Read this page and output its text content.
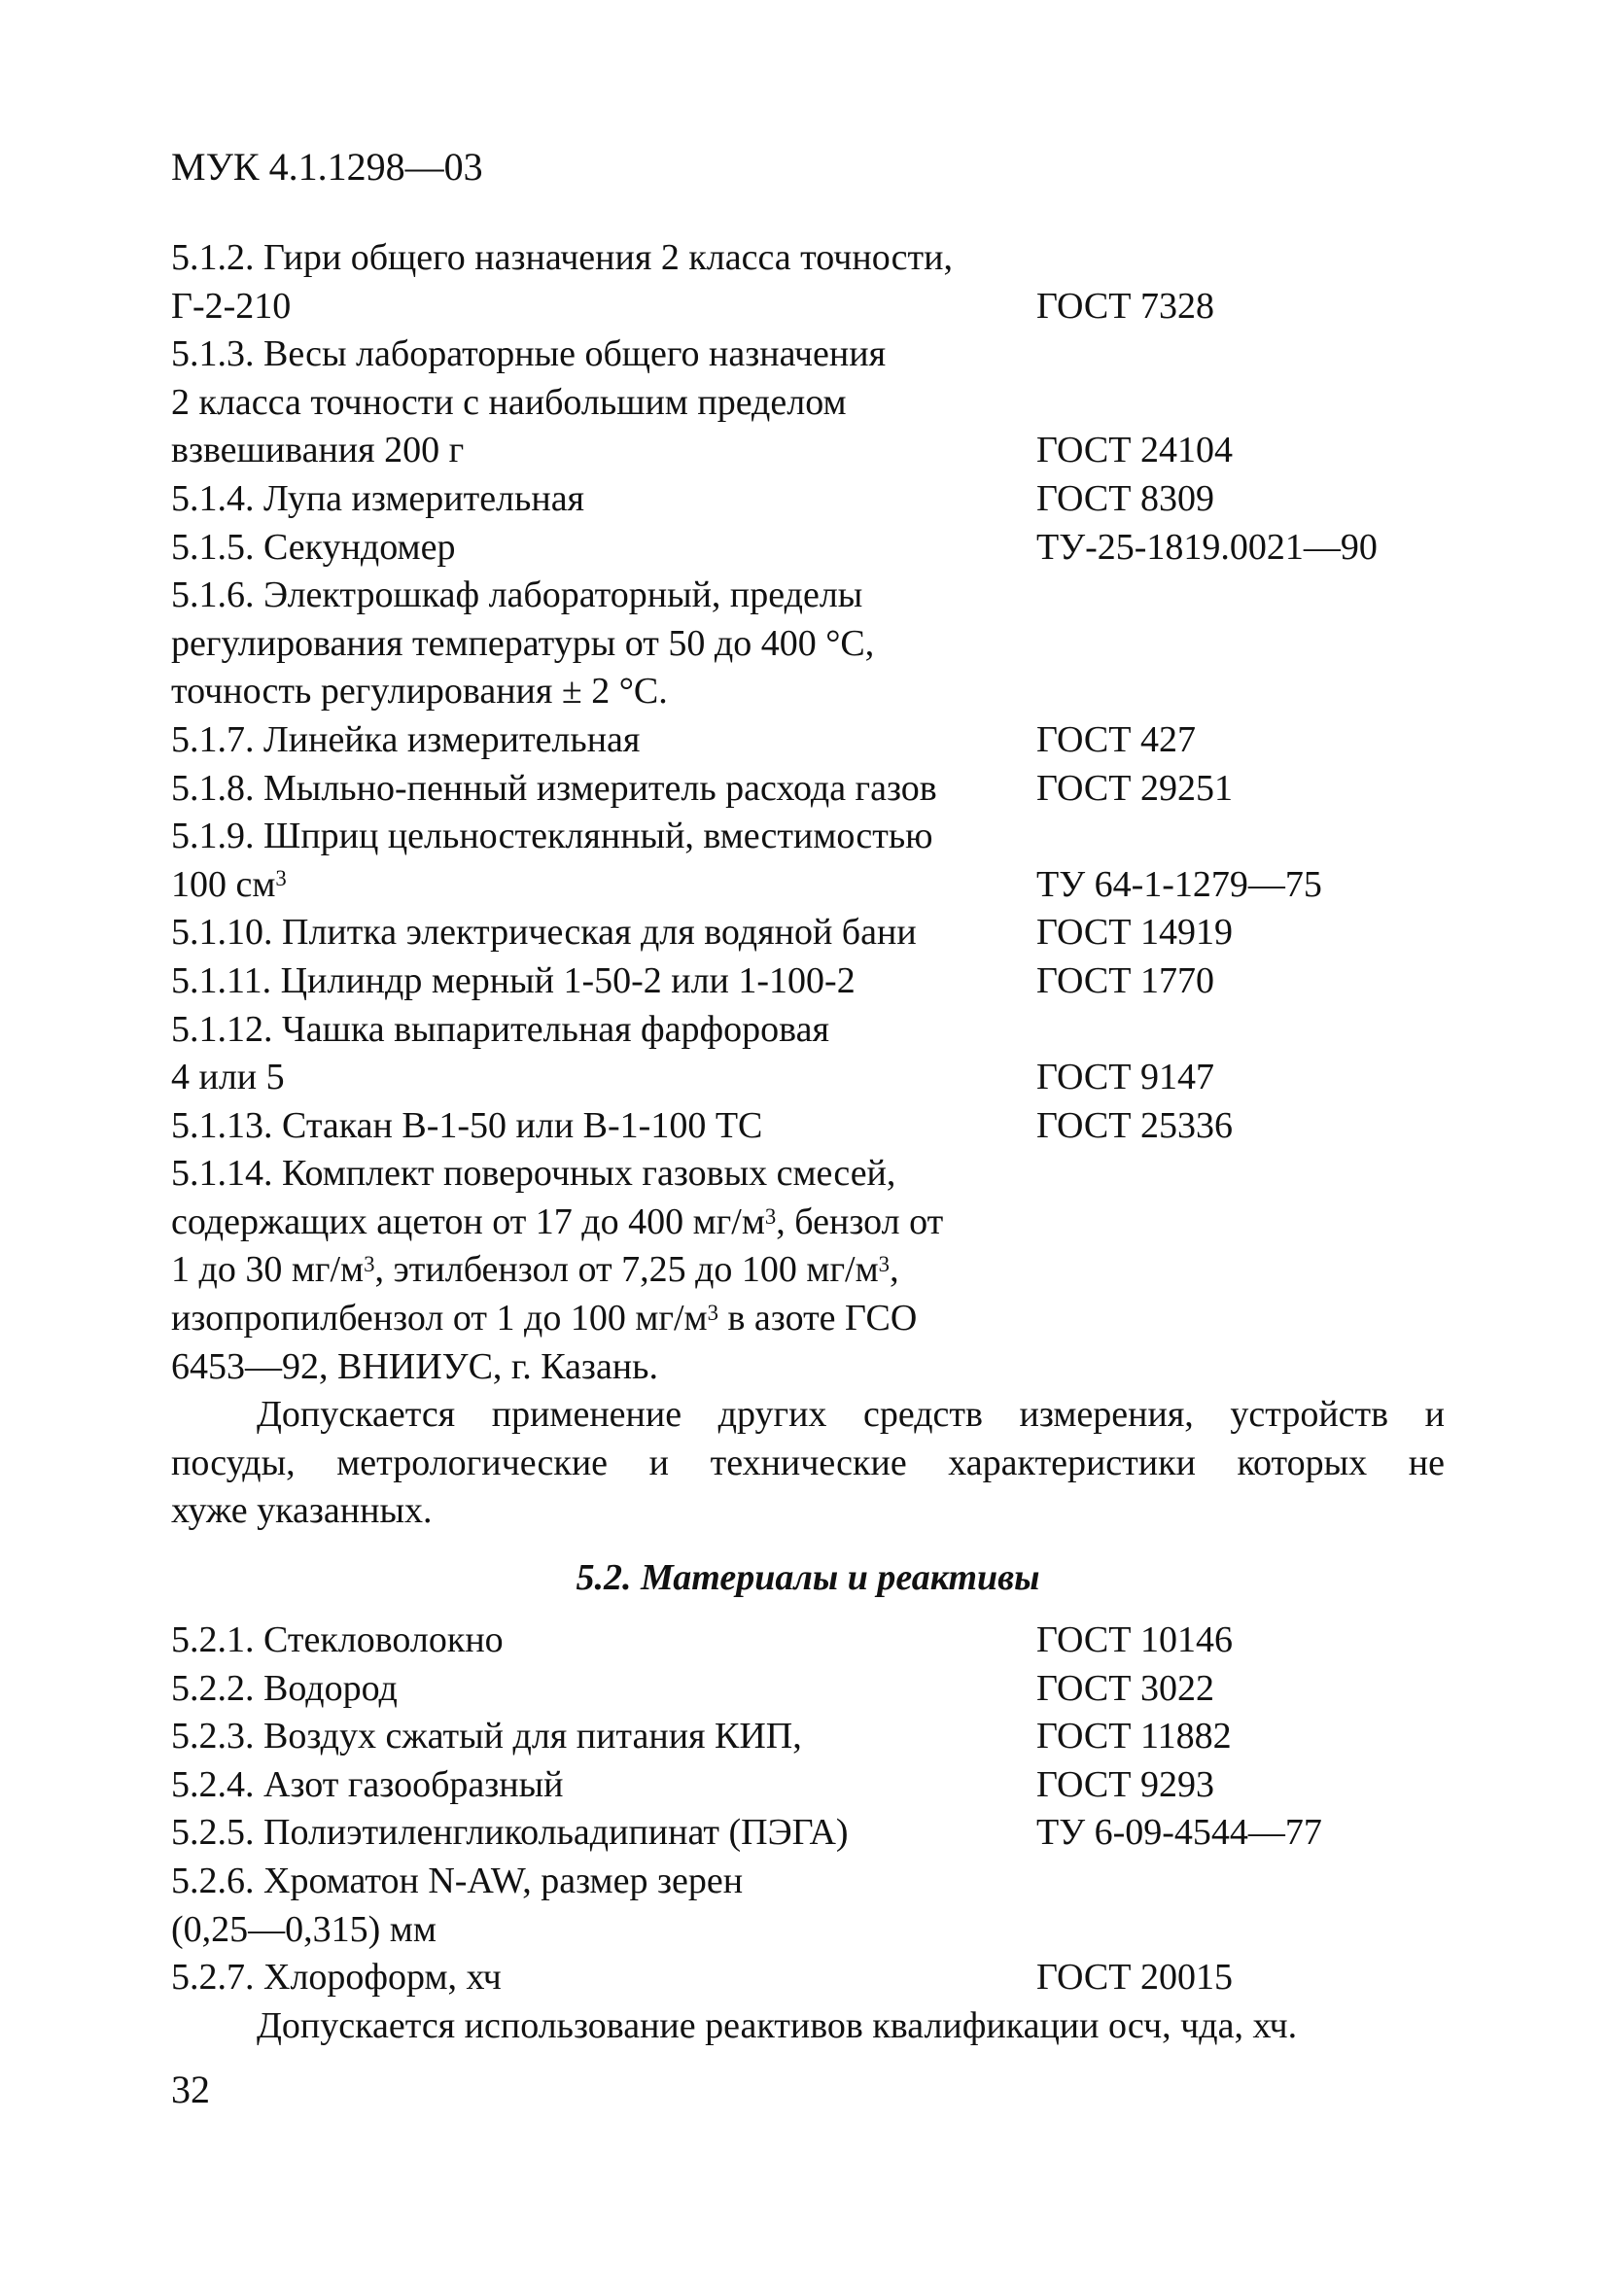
МУК 4.1.1298—03
5.1.2. Гири общего назначения 2 класса точности,
Г-2-210	ГОСТ 7328
5.1.3. Весы лабораторные общего назначения
2 класса точности с наибольшим пределом
взвешивания 200 г	ГОСТ 24104
5.1.4. Лупа измерительная	ГОСТ 8309
5.1.5. Секундомер	ТУ-25-1819.0021—90
5.1.6. Электрошкаф лабораторный, пределы
регулирования температуры от 50 до 400 °С,
точность регулирования ± 2 °С.
5.1.7. Линейка измерительная	ГОСТ 427
5.1.8. Мыльно-пенный измеритель расхода газов	ГОСТ 29251
5.1.9. Шприц цельностеклянный, вместимостью
100 $см^3$	ТУ 64-1-1279—75
5.1.10. Плитка электрическая для водяной бани	ГОСТ 14919
5.1.11. Цилиндр мерный 1-50-2 или 1-100-2	ГОСТ 1770
5.1.12. Чашка выпарительная фарфоровая
4 или 5	ГОСТ 9147
5.1.13. Стакан В-1-50 или В-1-100 ТС	ГОСТ 25336
5.1.14. Комплект поверочных газовых смесей,
содержащих ацетон от 17 до 400 $мг/м^3$, бензол от
1 до 30 $мг/м^3$, этилбензол от 7,25 до 100 $мг/м^3$,
изопропилбензол от 1 до 100 $мг/м^3$ в азоте ГСО
6453—92, ВНИИУС, г. Казань.
Допускается применение других средств измерения, устройств и
посуды, метрологические и технические характеристики которых не
хуже указанных.
5.2. Материалы и реактивы
5.2.1. Стекловолокно	ГОСТ 10146
5.2.2. Водород	ГОСТ 3022
5.2.3. Воздух сжатый для питания КИП,	ГОСТ 11882
5.2.4. Азот газообразный	ГОСТ 9293
5.2.5. Полиэтиленгликольадипинат (ПЭГА)	ТУ 6-09-4544—77
5.2.6. Хроматон N-AW, размер зерен
(0,25—0,315) мм
5.2.7. Хлороформ, хч	ГОСТ 20015
Допускается использование реактивов квалификации осч, чда, хч.
32
